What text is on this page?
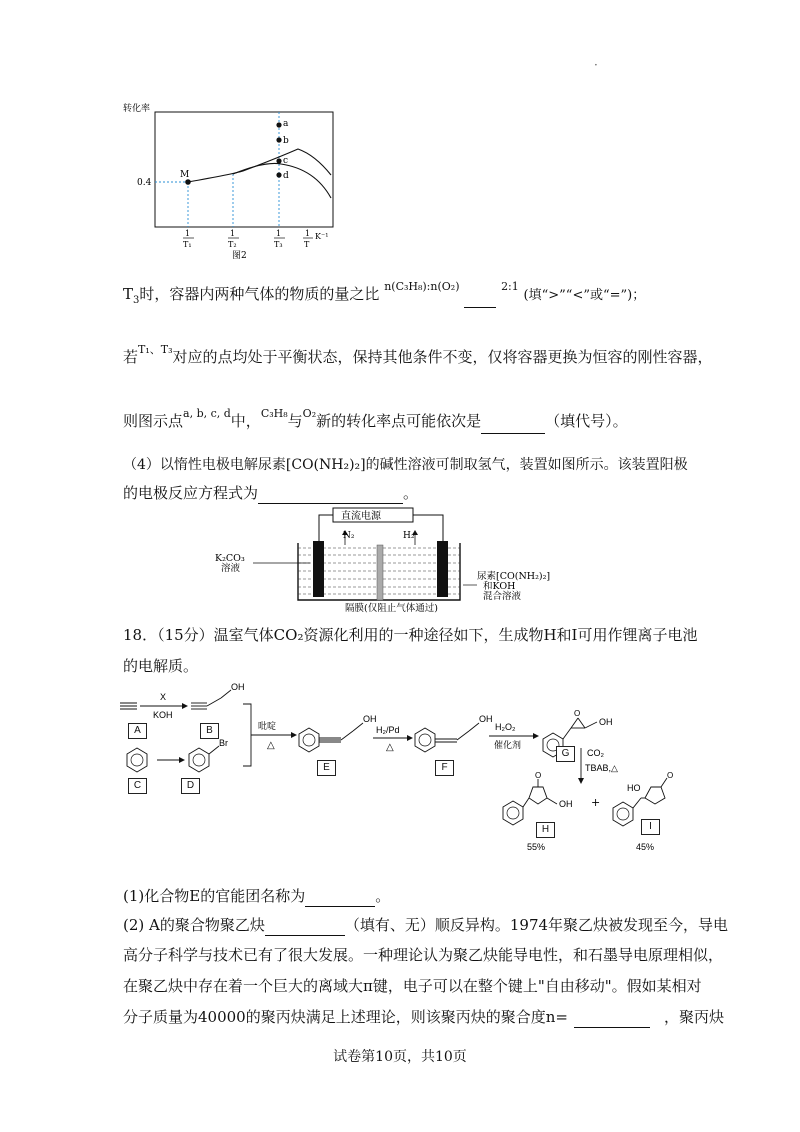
·
转化率
M
a
b
c
d
0.4
1
T₁
1
T₂
1
T₃
1
T
K⁻¹
图2
$T_3$时，容器内两种气体的物质的量之比 $^{n(C_3H_8):n(O_2)}$	$^{2:1}$ (填“>”“<”或“=”)；
若$^{T_1、T_3}$对应的点均处于平衡状态，保持其他条件不变，仅将容器更换为恒容的刚性容器，
则图示点$^{a, b, c, d}$中，$^{C_3H_8}$与$^{O_2}$新的转化率点可能依次是	（填代号）。
（4）以惰性电极电解尿素[CO(NH₂)₂]的碱性溶液可制取氢气，装置如图所示。该装置阳极
的电极反应方程式为	。
直流电源
N₂	H₂
K₂CO₃
溶液
尿素[CO(NH₂)₂]
和KOH
混合溶液
隔膜(仅阻止气体通过)
18．（15分）温室气体CO₂资源化利用的一种途径如下，生成物H和I可用作锂离子电池
的电解质。
X
KOH
OH
Br
吡啶
△
OH
H₂/Pd
△
OH
H₂O₂
催化剂
O
OH
CO₂
TBAB,△
O
OH +
HO
O
55%	45%
A	B
C	D
E	F
G
H	I
(1)化合物E的官能团名称为	。
(2) A的聚合物聚乙炔	（填有、无）顺反异构。1974年聚乙炔被发现至今，导电
高分子科学与技术已有了很大发展。一种理论认为聚乙炔能导电性，和石墨导电原理相似，
在聚乙炔中存在着一个巨大的离域大π键，电子可以在整个键上"自由移动"。假如某相对
分子质量为40000的聚丙炔满足上述理论，则该聚丙炔的聚合度n=	，聚丙炔
试卷第10页，共10页
